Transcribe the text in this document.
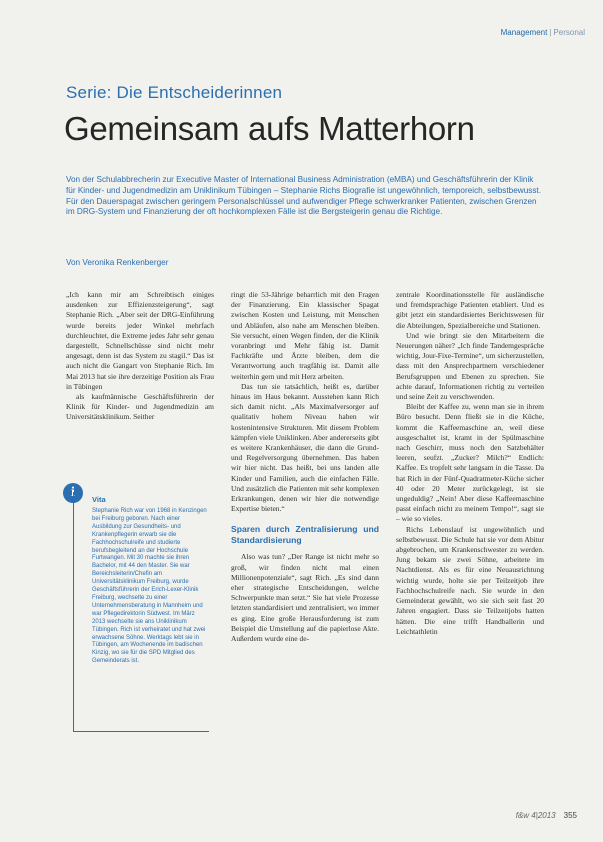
Management | Personal
Serie: Die Entscheiderinnen
Gemeinsam aufs Matterhorn
Von der Schulabbrecherin zur Executive Master of International Business Administration (eMBA) und Geschäftsführerin der Klinik für Kinder- und Jugendmedizin am Uniklinikum Tübingen – Stephanie Richs Biografie ist ungewöhnlich, temporeich, selbstbewusst. Für den Dauerspagat zwischen geringem Personalschlüssel und aufwendiger Pflege schwerkranker Patienten, zwischen Grenzen im DRG-System und Finanzierung der oft hochkomplexen Fälle ist die Bergsteigerin genau die Richtige.
Von Veronika Renkenberger

„Ich kann mir am Schreibtisch einiges ausdenken zur Effizienzsteigerung“, sagt Stephanie Rich. „Aber seit der DRG-Einführung wurde bereits jeder Winkel mehrfach durchleuchtet, die Extreme jedes Jahr sehr genau dargestellt, Schnellschüsse sind nicht mehr angesagt, denn ist das System zu stagil.“ Das ist auch nicht die Gangart von Stephanie Rich. Im Mai 2013 hat sie ihre derzeitige Position als Frau in Tübingen

als kaufmännische Geschäftsführerin der Klinik für Kinder- und Jugendmedizin am Universitätsklinikum. Seither

i	Vita
Stephanie Rich war von 1968 in Kenzingen bei Freiburg geboren. Nach einer Ausbildung zur Gesundheits- und Krankenpflegerin erwarb sie die Fachhochschulreife und studierte berufsbegleitend an der Hochschule Furtwangen. Mit 30 machte sie ihren Bachelor, mit 44 den Master. Sie war Bereichsleiterin/Chefin am Universitätsklinikum Freiburg, wurde Geschäftsführerin der Erich-Lexer-Klinik Freiburg, wechselte zu einer Unternehmensberatung in Mannheim und war Pflegedirektorin Südwest. Im März 2013 wechselte sie ans Uniklinikum Tübingen. Rich ist verheiratet und hat zwei erwachsene Söhne. Werktags lebt sie in Tübingen, am Wochenende im badischen Kinzig, wo sie für die SPD Mitglied des Gemeinderats ist.

ringt die 53-Jährige beharrlich mit den Fragen der Finanzierung. Ein klassischer Spagat zwischen Kosten und Leistung, mit Menschen und Abläufen, also nahe am Menschen bleiben. Sie versucht, einen Wegen finden, der die Klinik voranbringt und Mehr fähig ist. Damit Fachkräfte und Ärzte bleiben, dem die Verantwortung auch tragfähig ist. Damit alle weiterhin gern und mit Herz arbeiten.

Das tun sie tatsächlich, heißt es, darüber hinaus im Haus bekannt. Ausstehen kann Rich sich damit nicht. „Als Maximalversorger auf qualitativ hohem Niveau haben wir kostenintensive Strukturen. Mit diesem Problem kämpfen viele Uniklinken. Aber andererseits gibt es weitere Krankenhäuser, die dann die Grund- und Regelversorgung übernehmen. Das haben wir hier nicht. Das heißt, bei uns landen alle Kinder und Familien, auch die einfachen Fälle. Und zusätzlich die Patienten mit sehr komplexen Erkrankungen, denen wir hier die notwendige Expertise bieten.“

Sparen durch Zentralisierung und Standardisierung

Also was tun? „Der Range ist nicht mehr so groß, wir finden nicht mal einen Millionenpotenziale“, sagt Rich. „Es sind dann eher strategische Entscheidungen, welche Schwerpunkte man setzt.“ Sie hat viele Prozesse letzten standardisiert und zentralisiert, wo immer es ging. Eine große Herausforderung ist zum Beispiel die Umstellung auf die papierlose Akte. Außerdem wurde eine de-

zentrale Koordinationsstelle für ausländische und fremdsprachige Patienten etabliert. Und es gibt jetzt ein standardisiertes Berichtswesen für die Abteilungen, Spezialbereiche und Stationen.

Und wie bringt sie den Mitarbeitern die Neuerungen näher? „Ich finde Tandemgespräche wichtig, Jour-Fixe-Termine“, um sicherzustellen, dass mit den Ansprechpartnern verschiedener Berufsgruppen und Ebenen zu sprechen. Sie achte darauf, Informationen richtig zu verteilen und seine Zeit zu verschwenden.

Bleibt der Kaffee zu, wenn man sie in ihrem Büro besucht. Denn fließt sie in die Küche, kommt die Kaffeemaschine an, weil diese ausgeschaltet ist, kramt in der Spülmaschine nach Geschirr, muss noch den Satzbehälter leeren, seufzt. „Zucker? Milch?“ Endlich: Kaffee. Es tropfelt sehr langsam in die Tasse. Da hat Rich in der Fünf-Quadratmeter-Küche sicher 40 oder 20 Meter zurückgelegt, ist sie ungeduldig? „Nein! Aber diese Kaffeemaschine passt einfach nicht zu meinem Tempo!“, sagt sie – wie so vieles.

Richs Lebenslauf ist ungewöhnlich und selbstbewusst. Die Schule hat sie vor dem Abitur abgebrochen, um Krankenschwester zu werden. Jung bekam sie zwei Söhne, arbeitete im Nachtdienst. Als es für eine Neuausrichtung wichtig wurde, holte sie per Teilzeitjob ihre Fachhochschulreife nach. Sie wurde in den Gemeinderat gewählt, wo sie sich seit fast 20 Jahren engagiert. Dass sie Teilzeitjobs hatten hätten. Die eine trifft Handballerin und Leichtathletin

f&w 4|2013 355
